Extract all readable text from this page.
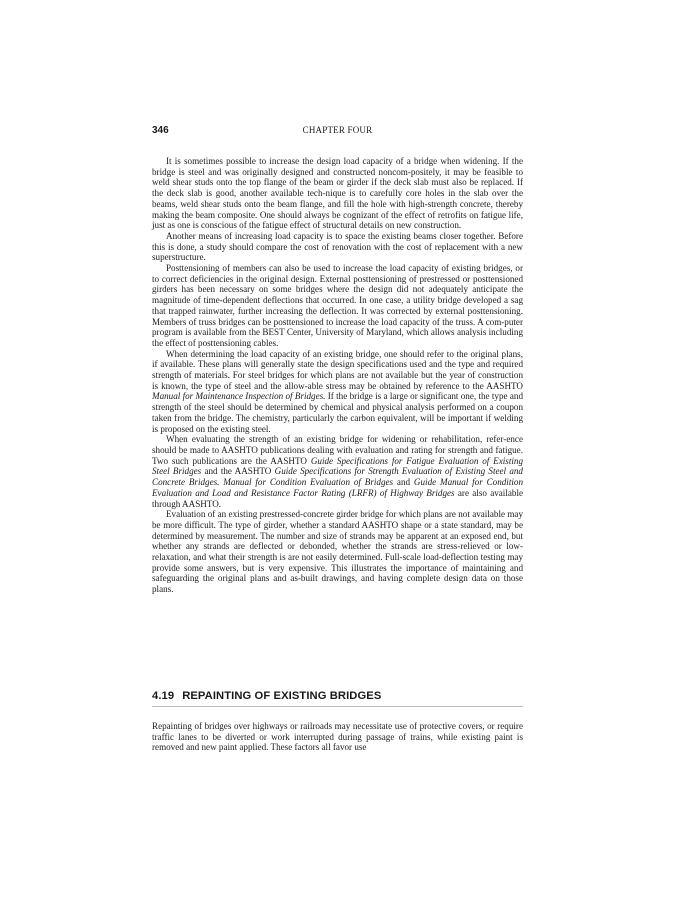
346	CHAPTER FOUR

It is sometimes possible to increase the design load capacity of a bridge when widening. If the bridge is steel and was originally designed and constructed noncom-positely, it may be feasible to weld shear studs onto the top flange of the beam or girder if the deck slab must also be replaced. If the deck slab is good, another available tech-nique is to carefully core holes in the slab over the beams, weld shear studs onto the beam flange, and fill the hole with high-strength concrete, thereby making the beam composite. One should always be cognizant of the effect of retrofits on fatigue life, just as one is conscious of the fatigue effect of structural details on new construction.

Another means of increasing load capacity is to space the existing beams closer together. Before this is done, a study should compare the cost of renovation with the cost of replacement with a new superstructure.

Posttensioning of members can also be used to increase the load capacity of existing bridges, or to correct deficiencies in the original design. External posttensioning of prestressed or posttensioned girders has been necessary on some bridges where the design did not adequately anticipate the magnitude of time-dependent deflections that occurred. In one case, a utility bridge developed a sag that trapped rainwater, further increasing the deflection. It was corrected by external posttensioning. Members of truss bridges can be posttensioned to increase the load capacity of the truss. A com-puter program is available from the BEST Center, University of Maryland, which allows analysis including the effect of posttensioning cables.

When determining the load capacity of an existing bridge, one should refer to the original plans, if available. These plans will generally state the design specifications used and the type and required strength of materials. For steel bridges for which plans are not available but the year of construction is known, the type of steel and the allow-able stress may be obtained by reference to the AASHTO Manual for Maintenance Inspection of Bridges. If the bridge is a large or significant one, the type and strength of the steel should be determined by chemical and physical analysis performed on a coupon taken from the bridge. The chemistry, particularly the carbon equivalent, will be important if welding is proposed on the existing steel.

When evaluating the strength of an existing bridge for widening or rehabilitation, refer-ence should be made to AASHTO publications dealing with evaluation and rating for strength and fatigue. Two such publications are the AASHTO Guide Specifications for Fatigue Evaluation of Existing Steel Bridges and the AASHTO Guide Specifications for Strength Evaluation of Existing Steel and Concrete Bridges. Manual for Condition Evaluation of Bridges and Guide Manual for Condition Evaluation and Load and Resistance Factor Rating (LRFR) of Highway Bridges are also available through AASHTO.

Evaluation of an existing prestressed-concrete girder bridge for which plans are not available may be more difficult. The type of girder, whether a standard AASHTO shape or a state standard, may be determined by measurement. The number and size of strands may be apparent at an exposed end, but whether any strands are deflected or debonded, whether the strands are stress-relieved or low-relaxation, and what their strength is are not easily determined. Full-scale load-deflection testing may provide some answers, but is very expensive. This illustrates the importance of maintaining and safeguarding the original plans and as-built drawings, and having complete design data on those plans.

4.19 REPAINTING OF EXISTING BRIDGES

Repainting of bridges over highways or railroads may necessitate use of protective covers, or require traffic lanes to be diverted or work interrupted during passage of trains, while existing paint is removed and new paint applied. These factors all favor use
